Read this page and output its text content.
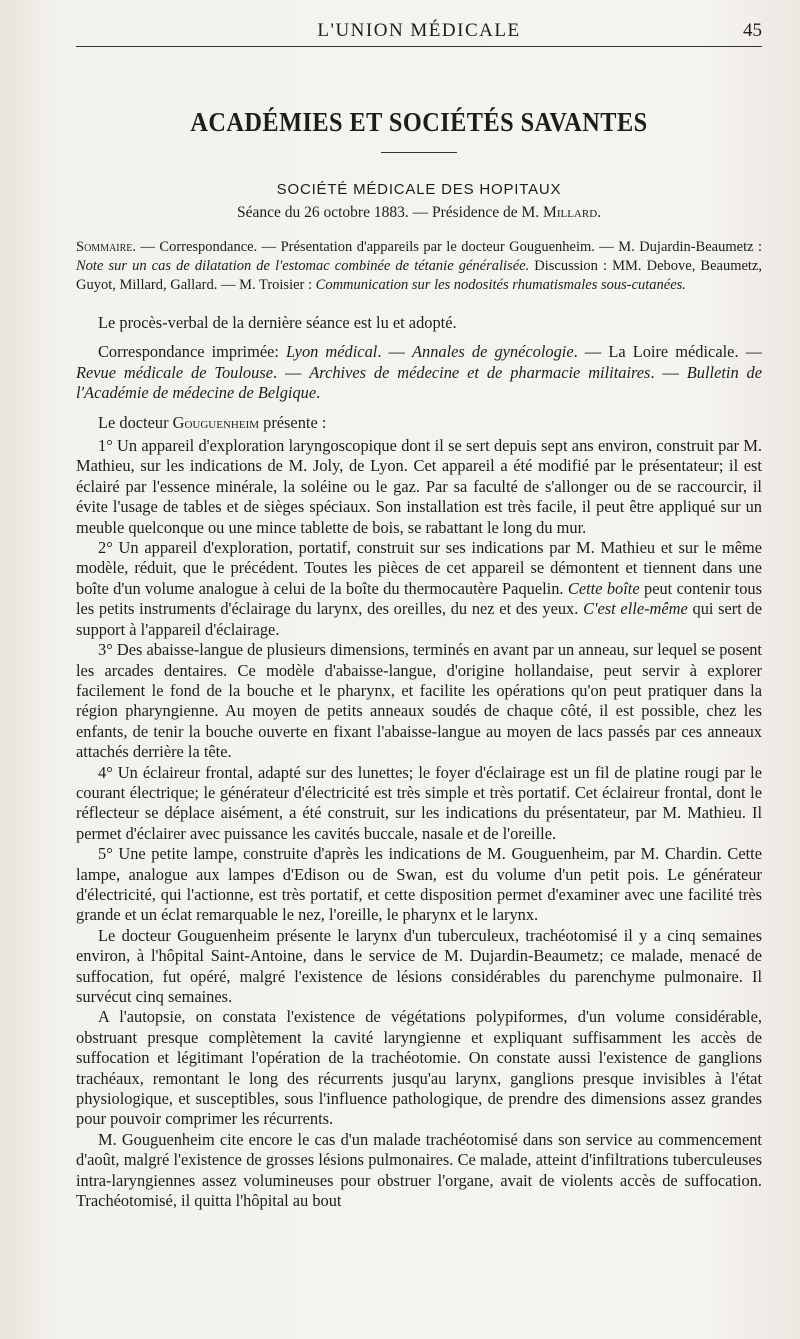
L'UNION MÉDICALE	45
ACADÉMIES ET SOCIÉTÉS SAVANTES
SOCIÉTÉ MÉDICALE DES HOPITAUX
Séance du 26 octobre 1883. — Présidence de M. Millard.
Sommaire. — Correspondance. — Présentation d'appareils par le docteur Gouguenheim. — M. Dujardin-Beaumetz : Note sur un cas de dilatation de l'estomac combinée de tétanie généralisée. Discussion : MM. Debove, Beaumetz, Guyot, Millard, Gallard. — M. Troisier : Communication sur les nodosités rhumatismales sous-cutanées.

Le procès-verbal de la dernière séance est lu et adopté.

Correspondance imprimée: Lyon médical. — Annales de gynécologie. — La Loire médicale. — Revue médicale de Toulouse. — Archives de médecine et de pharmacie militaires. — Bulletin de l'Académie de médecine de Belgique.

Le docteur Gouguenheim présente :

1° Un appareil d'exploration laryngoscopique dont il se sert depuis sept ans environ, construit par M. Mathieu, sur les indications de M. Joly, de Lyon. Cet appareil a été modifié par le présentateur; il est éclairé par l'essence minérale, la soléine ou le gaz. Par sa faculté de s'allonger ou de se raccourcir, il évite l'usage de tables et de sièges spéciaux. Son installation est très facile, il peut être appliqué sur un meuble quelconque ou une mince tablette de bois, se rabattant le long du mur.

2° Un appareil d'exploration, portatif, construit sur ses indications par M. Mathieu et sur le même modèle, réduit, que le précédent. Toutes les pièces de cet appareil se démontent et tiennent dans une boîte d'un volume analogue à celui de la boîte du thermocautère Paquelin. Cette boîte peut contenir tous les petits instruments d'éclairage du larynx, des oreilles, du nez et des yeux. C'est elle-même qui sert de support à l'appareil d'éclairage.

3° Des abaisse-langue de plusieurs dimensions, terminés en avant par un anneau, sur lequel se posent les arcades dentaires. Ce modèle d'abaisse-langue, d'origine hollandaise, peut servir à explorer facilement le fond de la bouche et le pharynx, et facilite les opérations qu'on peut pratiquer dans la région pharyngienne. Au moyen de petits anneaux soudés de chaque côté, il est possible, chez les enfants, de tenir la bouche ouverte en fixant l'abaisse-langue au moyen de lacs passés par ces anneaux attachés derrière la tête.

4° Un éclaireur frontal, adapté sur des lunettes; le foyer d'éclairage est un fil de platine rougi par le courant électrique; le générateur d'électricité est très simple et très portatif. Cet éclaireur frontal, dont le réflecteur se déplace aisément, a été construit, sur les indications du présentateur, par M. Mathieu. Il permet d'éclairer avec puissance les cavités buccale, nasale et de l'oreille.

5° Une petite lampe, construite d'après les indications de M. Gouguenheim, par M. Chardin. Cette lampe, analogue aux lampes d'Edison ou de Swan, est du volume d'un petit pois. Le générateur d'électricité, qui l'actionne, est très portatif, et cette disposition permet d'examiner avec une facilité très grande et un éclat remarquable le nez, l'oreille, le pharynx et le larynx.

Le docteur Gouguenheim présente le larynx d'un tuberculeux, trachéotomisé il y a cinq semaines environ, à l'hôpital Saint-Antoine, dans le service de M. Dujardin-Beaumetz; ce malade, menacé de suffocation, fut opéré, malgré l'existence de lésions considérables du parenchyme pulmonaire. Il survécut cinq semaines.

A l'autopsie, on constata l'existence de végétations polypiformes, d'un volume considérable, obstruant presque complètement la cavité laryngienne et expliquant suffisamment les accès de suffocation et légitimant l'opération de la trachéotomie. On constate aussi l'existence de ganglions trachéaux, remontant le long des récurrents jusqu'au larynx, ganglions presque invisibles à l'état physiologique, et susceptibles, sous l'influence pathologique, de prendre des dimensions assez grandes pour pouvoir comprimer les récurrents.

M. Gouguenheim cite encore le cas d'un malade trachéotomisé dans son service au commencement d'août, malgré l'existence de grosses lésions pulmonaires. Ce malade, atteint d'infiltrations tuberculeuses intra-laryngiennes assez volumineuses pour obstruer l'organe, avait de violents accès de suffocation. Trachéotomisé, il quitta l'hôpital au bout
